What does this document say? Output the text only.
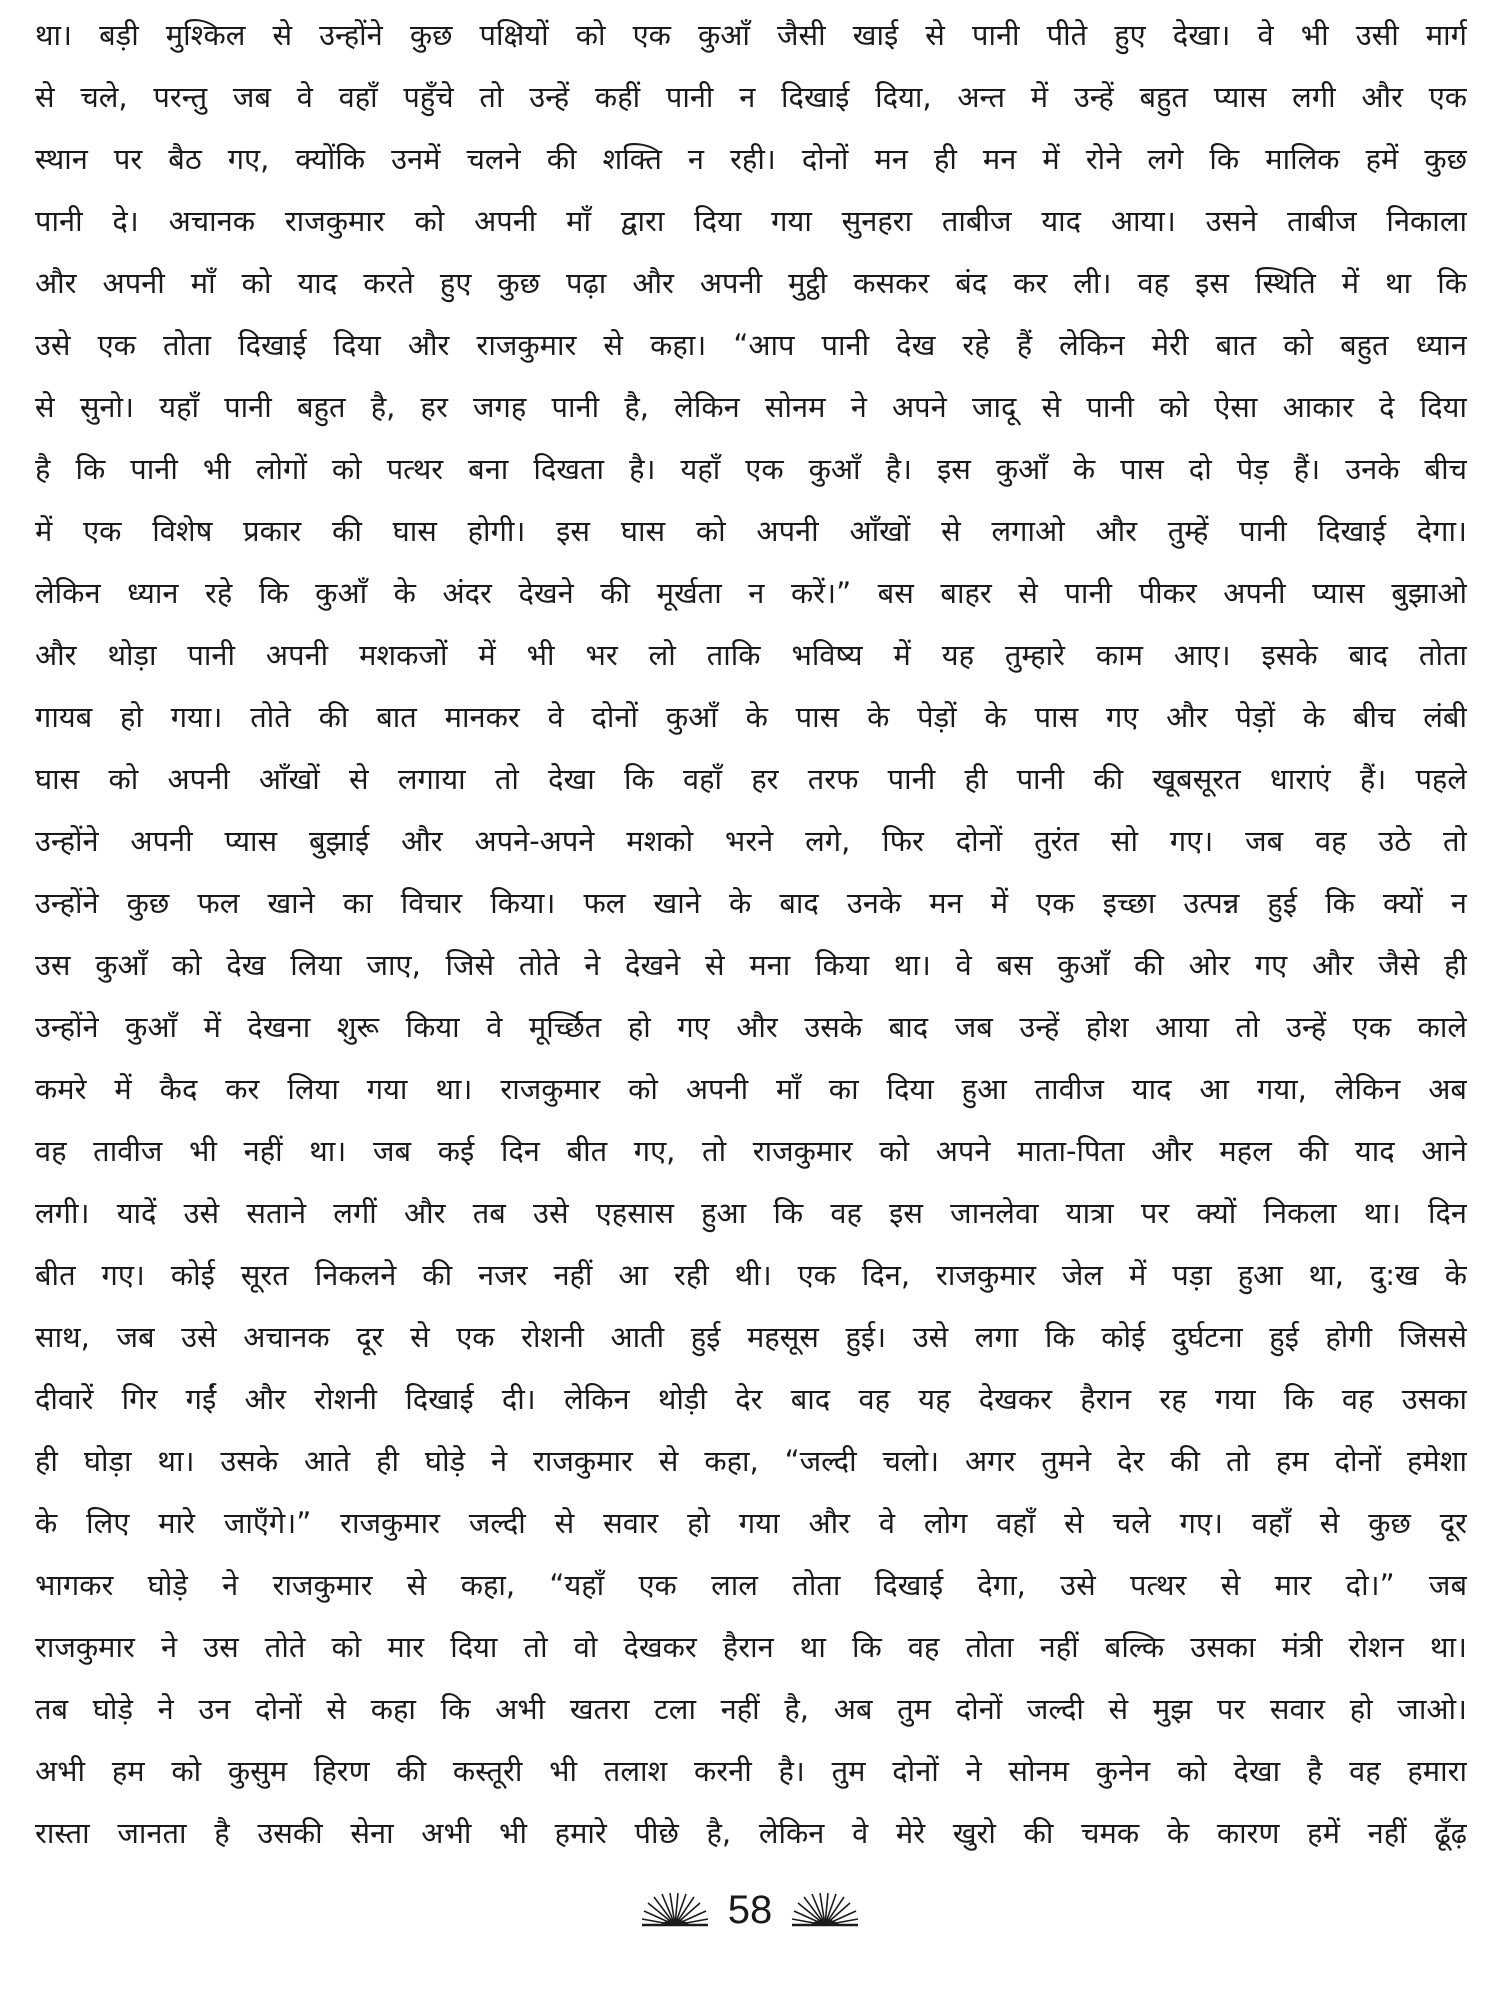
था। बड़ी मुश्किल से उन्होंने कुछ पक्षियों को एक कुआँ जैसी खाई से पानी पीते हुए देखा। वे भी उसी मार्ग
से चले, परन्तु जब वे वहाँ पहुँचे तो उन्हें कहीं पानी न दिखाई दिया, अन्त में उन्हें बहुत प्यास लगी और एक
स्थान पर बैठ गए, क्योंकि उनमें चलने की शक्ति न रही। दोनों मन ही मन में रोने लगे कि मालिक हमें कुछ
पानी दे। अचानक राजकुमार को अपनी माँ द्वारा दिया गया सुनहरा ताबीज याद आया। उसने ताबीज निकाला
और अपनी माँ को याद करते हुए कुछ पढ़ा और अपनी मुट्ठी कसकर बंद कर ली। वह इस स्थिति में था कि
उसे एक तोता दिखाई दिया और राजकुमार से कहा। “आप पानी देख रहे हैं लेकिन मेरी बात को बहुत ध्यान
से सुनो। यहाँ पानी बहुत है, हर जगह पानी है, लेकिन सोनम ने अपने जादू से पानी को ऐसा आकार दे दिया
है कि पानी भी लोगों को पत्थर बना दिखता है। यहाँ एक कुआँ है। इस कुआँ के पास दो पेड़ हैं। उनके बीच
में एक विशेष प्रकार की घास होगी। इस घास को अपनी आँखों से लगाओ और तुम्हें पानी दिखाई देगा।
लेकिन ध्यान रहे कि कुआँ के अंदर देखने की मूर्खता न करें।” बस बाहर से पानी पीकर अपनी प्यास बुझाओ
और थोड़ा पानी अपनी मशकजों में भी भर लो ताकि भविष्य में यह तुम्हारे काम आए। इसके बाद तोता
गायब हो गया। तोते की बात मानकर वे दोनों कुआँ के पास के पेड़ों के पास गए और पेड़ों के बीच लंबी
घास को अपनी आँखों से लगाया तो देखा कि वहाँ हर तरफ पानी ही पानी की खूबसूरत धाराएं हैं। पहले
उन्होंने अपनी प्यास बुझाई और अपने-अपने मशको भरने लगे, फिर दोनों तुरंत सो गए। जब वह उठे तो
उन्होंने कुछ फल खाने का विचार किया। फल खाने के बाद उनके मन में एक इच्छा उत्पन्न हुई कि क्यों न
उस कुआँ को देख लिया जाए, जिसे तोते ने देखने से मना किया था। वे बस कुआँ की ओर गए और जैसे ही
उन्होंने कुआँ में देखना शुरू किया वे मूर्च्छित हो गए और उसके बाद जब उन्हें होश आया तो उन्हें एक काले
कमरे में कैद कर लिया गया था। राजकुमार को अपनी माँ का दिया हुआ तावीज याद आ गया, लेकिन अब
वह तावीज भी नहीं था। जब कई दिन बीत गए, तो राजकुमार को अपने माता-पिता और महल की याद आने
लगी। यादें उसे सताने लगीं और तब उसे एहसास हुआ कि वह इस जानलेवा यात्रा पर क्यों निकला था। दिन
बीत गए। कोई सूरत निकलने की नजर नहीं आ रही थी। एक दिन, राजकुमार जेल में पड़ा हुआ था, दु:ख के
साथ, जब उसे अचानक दूर से एक रोशनी आती हुई महसूस हुई। उसे लगा कि कोई दुर्घटना हुई होगी जिससे
दीवारें गिर गईं और रोशनी दिखाई दी। लेकिन थोड़ी देर बाद वह यह देखकर हैरान रह गया कि वह उसका
ही घोड़ा था। उसके आते ही घोड़े ने राजकुमार से कहा, “जल्दी चलो। अगर तुमने देर की तो हम दोनों हमेशा
के लिए मारे जाएँगे।” राजकुमार जल्दी से सवार हो गया और वे लोग वहाँ से चले गए। वहाँ से कुछ दूर
भागकर घोड़े ने राजकुमार से कहा, “यहाँ एक लाल तोता दिखाई देगा, उसे पत्थर से मार दो।” जब
राजकुमार ने उस तोते को मार दिया तो वो देखकर हैरान था कि वह तोता नहीं बल्कि उसका मंत्री रोशन था।
तब घोड़े ने उन दोनों से कहा कि अभी खतरा टला नहीं है, अब तुम दोनों जल्दी से मुझ पर सवार हो जाओ।
अभी हम को कुसुम हिरण की कस्तूरी भी तलाश करनी है। तुम दोनों ने सोनम कुनेन को देखा है वह हमारा
रास्ता जानता है उसकी सेना अभी भी हमारे पीछे है, लेकिन वे मेरे खुरो की चमक के कारण हमें नहीं ढूँढ़
58
